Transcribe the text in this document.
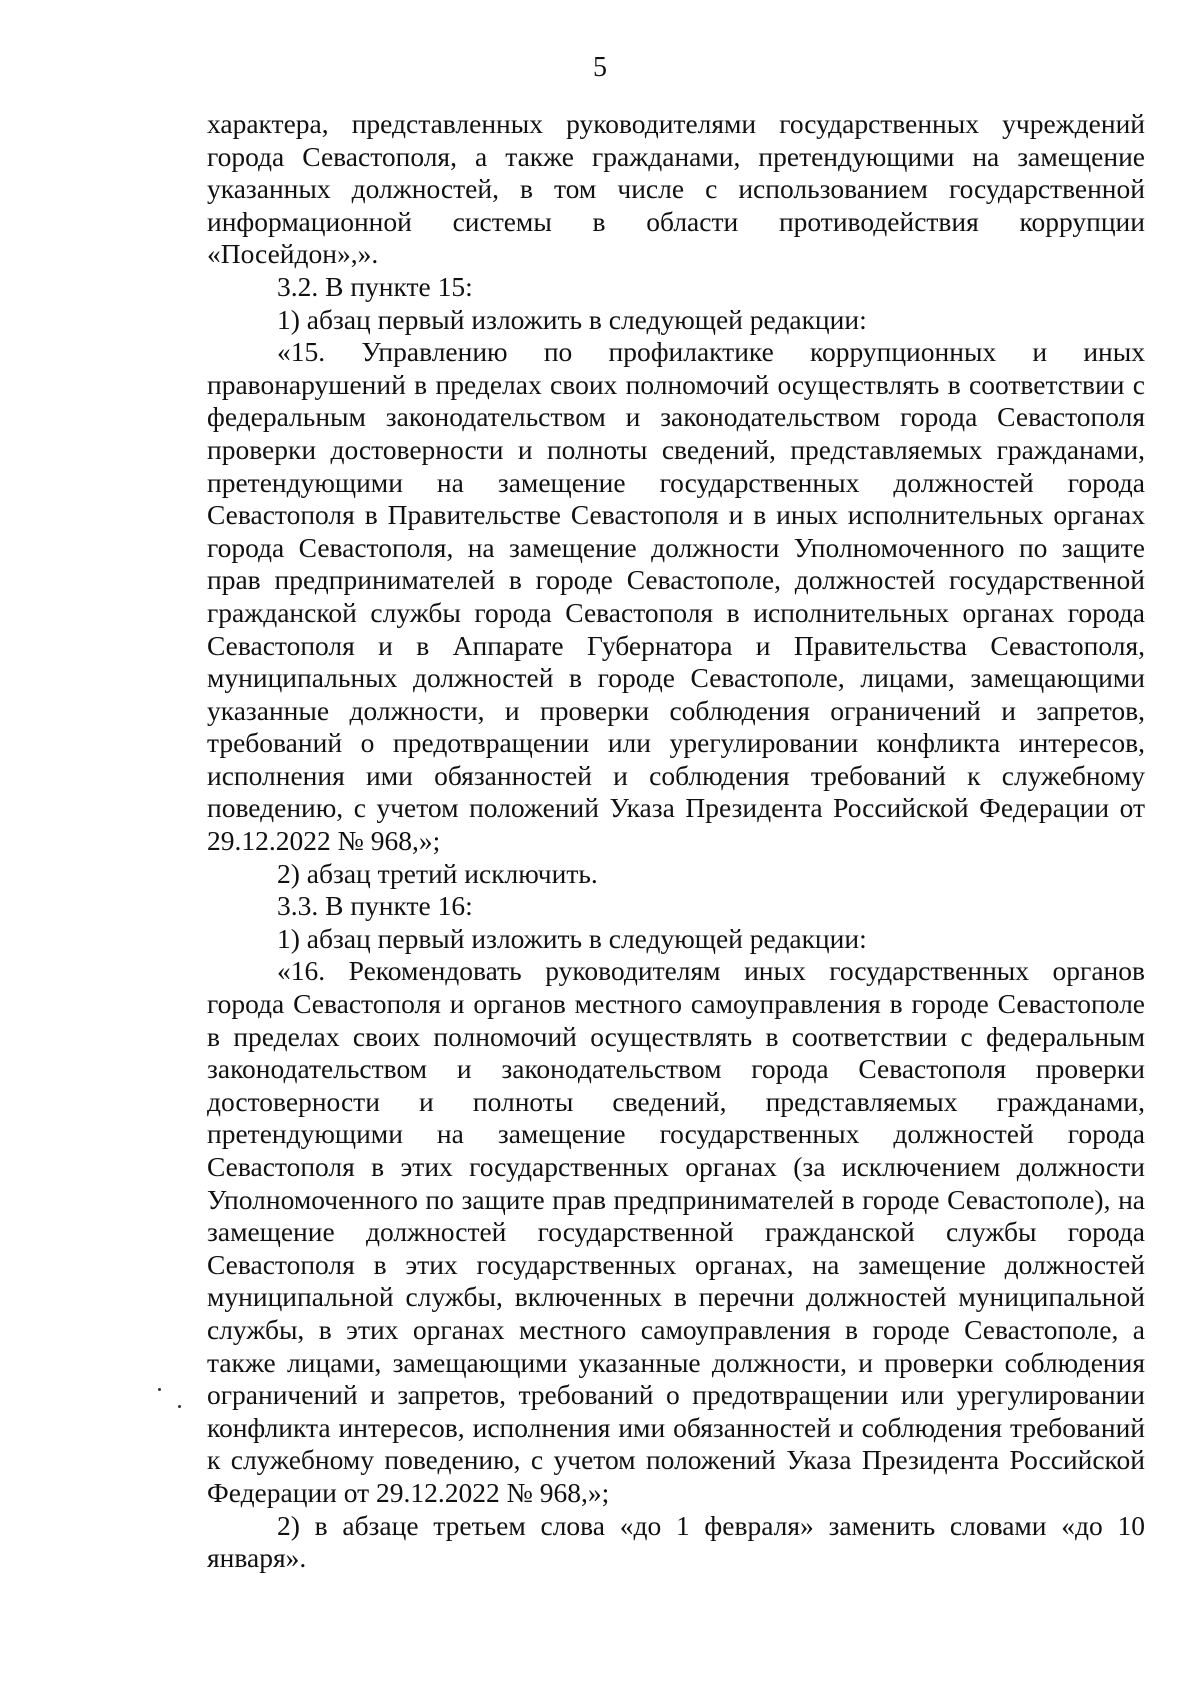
5

характера, представленных руководителями государственных учреждений города Севастополя, а также гражданами, претендующими на замещение указанных должностей, в том числе с использованием государственной информационной системы в области противодействия коррупции «Посейдон»,».

3.2. В пункте 15:

1) абзац первый изложить в следующей редакции:

«15. Управлению по профилактике коррупционных и иных правонарушений в пределах своих полномочий осуществлять в соответствии с федеральным законодательством и законодательством города Севастополя проверки достоверности и полноты сведений, представляемых гражданами, претендующими на замещение государственных должностей города Севастополя в Правительстве Севастополя и в иных исполнительных органах города Севастополя, на замещение должности Уполномоченного по защите прав предпринимателей в городе Севастополе, должностей государственной гражданской службы города Севастополя в исполнительных органах города Севастополя и в Аппарате Губернатора и Правительства Севастополя, муниципальных должностей в городе Севастополе, лицами, замещающими указанные должности, и проверки соблюдения ограничений и запретов, требований о предотвращении или урегулировании конфликта интересов, исполнения ими обязанностей и соблюдения требований к служебному поведению, с учетом положений Указа Президента Российской Федерации от 29.12.2022 № 968,»;

2) абзац третий исключить.

3.3. В пункте 16:

1) абзац первый изложить в следующей редакции:

«16. Рекомендовать руководителям иных государственных органов города Севастополя и органов местного самоуправления в городе Севастополе в пределах своих полномочий осуществлять в соответствии с федеральным законодательством и законодательством города Севастополя проверки достоверности и полноты сведений, представляемых гражданами, претендующими на замещение государственных должностей города Севастополя в этих государственных органах (за исключением должности Уполномоченного по защите прав предпринимателей в городе Севастополе), на замещение должностей государственной гражданской службы города Севастополя в этих государственных органах, на замещение должностей муниципальной службы, включенных в перечни должностей муниципальной службы, в этих органах местного самоуправления в городе Севастополе, а также лицами, замещающими указанные должности, и проверки соблюдения ограничений и запретов, требований о предотвращении или урегулировании конфликта интересов, исполнения ими обязанностей и соблюдения требований к служебному поведению, с учетом положений Указа Президента Российской Федерации от 29.12.2022 № 968,»;

2) в абзаце третьем слова «до 1 февраля» заменить словами «до 10 января».
